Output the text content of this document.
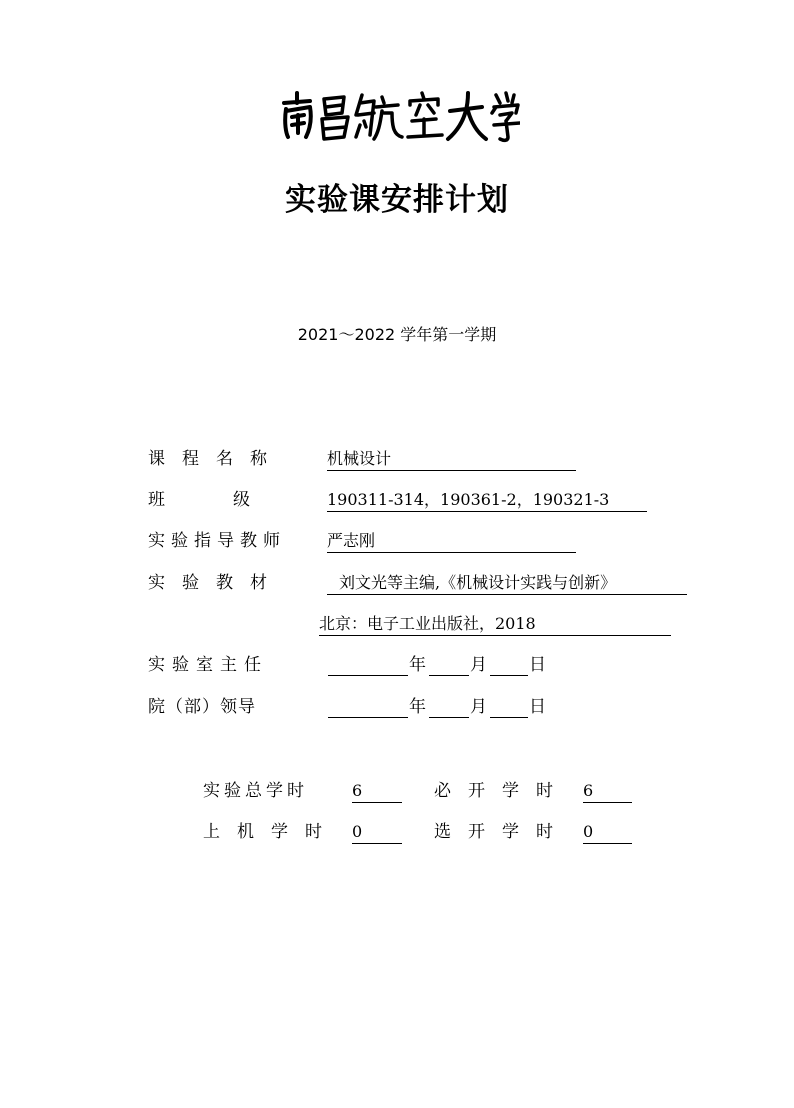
实验课安排计划
2021～2022 学年第一学期
课　程　名　称	机械设计
班　　　　级	190311-314，190361-2，190321-3
实验指导教师	严志刚
实　验　教　材	刘文光等主编,《机械设计实践与创新》
北京：电子工业出版社，2018
实验室主任	年	月 日
院（部）领导	年	月 日
实验总学时	6	必　开　学　时 6
上　机　学　时 0	选　开　学　时 0
